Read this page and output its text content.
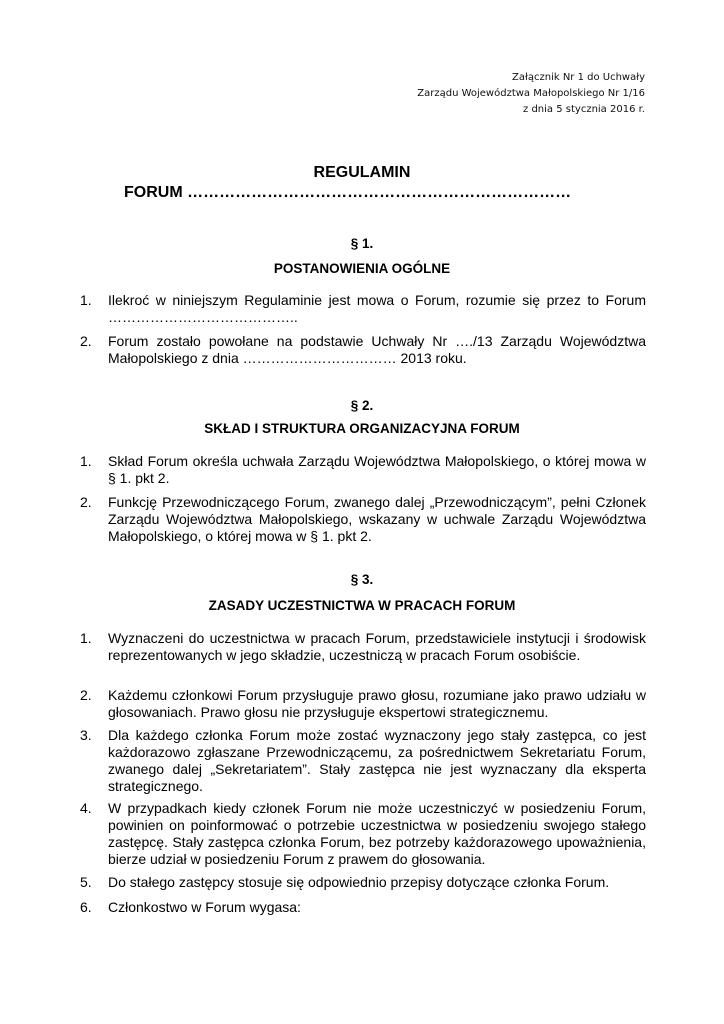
Załącznik Nr 1 do Uchwały
Zarządu Województwa Małopolskiego Nr 1/16
z dnia 5 stycznia 2016 r.
REGULAMIN
FORUM ………………………………………………………………
§ 1.
POSTANOWIENIA OGÓLNE
1. Ilekroć w niniejszym Regulaminie jest mowa o Forum, rozumie się przez to Forum …………………………………..
2. Forum zostało powołane na podstawie Uchwały Nr …./13 Zarządu Województwa Małopolskiego z dnia …………………………… 2013 roku.
§ 2.
SKŁAD I STRUKTURA ORGANIZACYJNA FORUM
1. Skład Forum określa uchwała Zarządu Województwa Małopolskiego, o której mowa w § 1. pkt 2.
2. Funkcję Przewodniczącego Forum, zwanego dalej „Przewodniczącym”, pełni Członek Zarządu Województwa Małopolskiego, wskazany w uchwale Zarządu Województwa Małopolskiego, o której mowa w § 1. pkt 2.
§ 3.
ZASADY UCZESTNICTWA W PRACACH FORUM
1. Wyznaczeni do uczestnictwa w pracach Forum, przedstawiciele instytucji i środowisk reprezentowanych w jego składzie, uczestniczą w pracach Forum osobiście.
2. Każdemu członkowi Forum przysługuje prawo głosu, rozumiane jako prawo udziału w głosowaniach. Prawo głosu nie przysługuje ekspertowi strategicznemu.
3. Dla każdego członka Forum może zostać wyznaczony jego stały zastępca, co jest każdorazowo zgłaszane Przewodniczącemu, za pośrednictwem Sekretariatu Forum, zwanego dalej „Sekretariatem”. Stały zastępca nie jest wyznaczany dla eksperta strategicznego.
4. W przypadkach kiedy członek Forum nie może uczestniczyć w posiedzeniu Forum, powinien on poinformować o potrzebie uczestnictwa w posiedzeniu swojego stałego zastępcę. Stały zastępca członka Forum, bez potrzeby każdorazowego upoważnienia, bierze udział w posiedzeniu Forum z prawem do głosowania.
5. Do stałego zastępcy stosuje się odpowiednio przepisy dotyczące członka Forum.
6. Członkostwo w Forum wygasa:
